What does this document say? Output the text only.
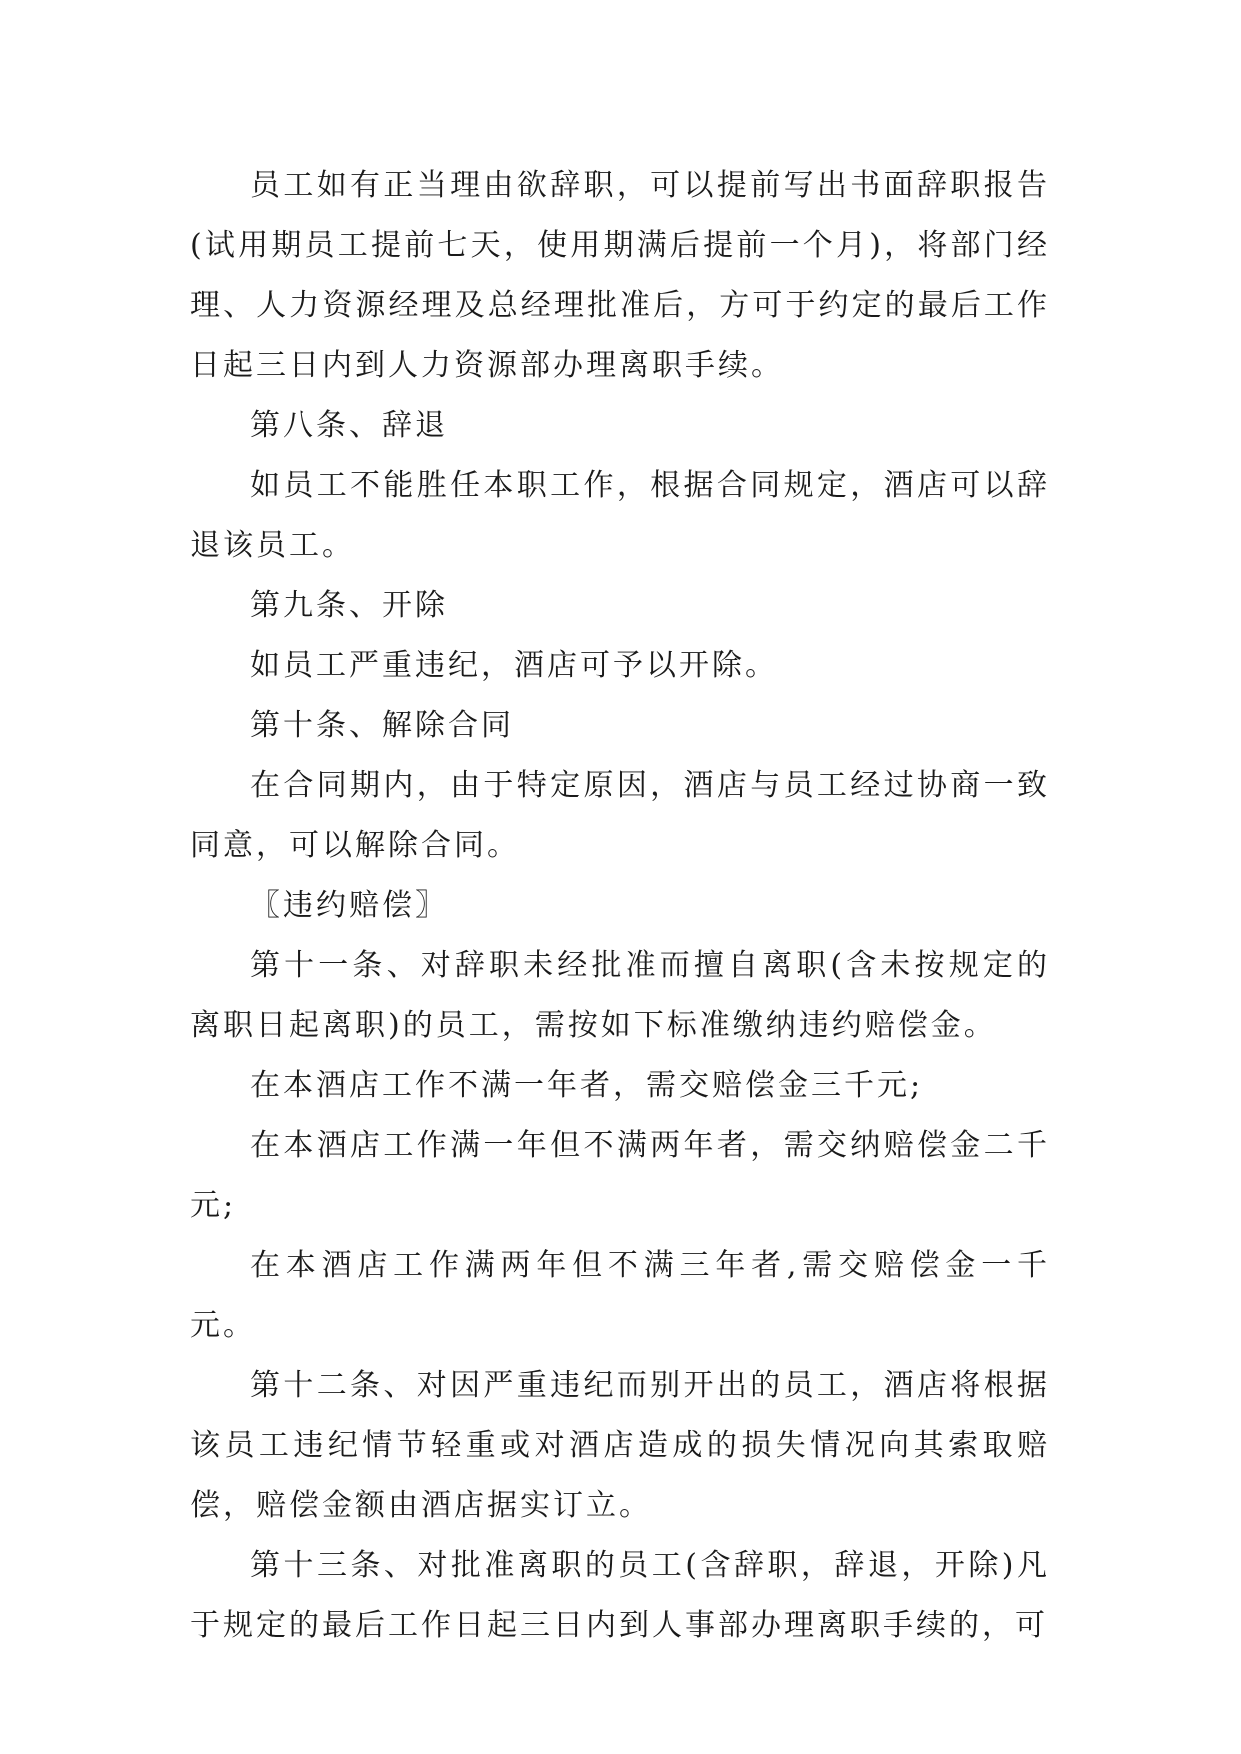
员工如有正当理由欲辞职，可以提前写出书面辞职报告(试用期员工提前七天，使用期满后提前一个月)，将部门经理、人力资源经理及总经理批准后，方可于约定的最后工作日起三日内到人力资源部办理离职手续。

第八条、辞退

如员工不能胜任本职工作，根据合同规定，酒店可以辞退该员工。

第九条、开除

如员工严重违纪，酒店可予以开除。

第十条、解除合同

在合同期内，由于特定原因，酒店与员工经过协商一致同意，可以解除合同。

〖违约赔偿〗

第十一条、对辞职未经批准而擅自离职(含未按规定的离职日起离职)的员工，需按如下标准缴纳违约赔偿金。

在本酒店工作不满一年者，需交赔偿金三千元;

在本酒店工作满一年但不满两年者，需交纳赔偿金二千元;

在本酒店工作满两年但不满三年者,需交赔偿金一千元。

第十二条、对因严重违纪而别开出的员工，酒店将根据该员工违纪情节轻重或对酒店造成的损失情况向其索取赔偿，赔偿金额由酒店据实订立。

第十三条、对批准离职的员工(含辞职，辞退，开除)凡于规定的最后工作日起三日内到人事部办理离职手续的，可
